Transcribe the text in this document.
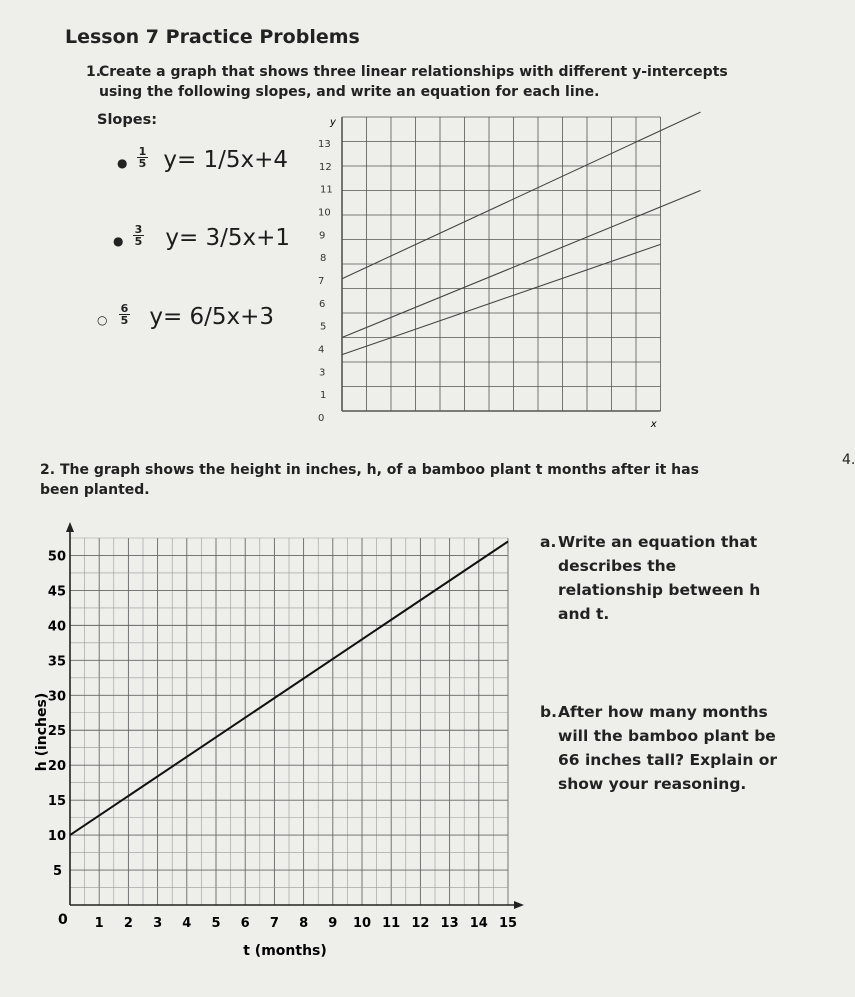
Lesson 7 Practice Problems
1.
Create a graph that shows three linear relationships with different y-intercepts using the following slopes, and write an equation for each line.
Slopes:
● $\frac{1}{5} y= 1/5x+4$
● $\frac{3}{5} y= 3/5x+1$
○ $\frac{6}{5} y= 6/5x+3$
y
x
13
12
11
10
9
8
7
6
5
4
3
1
0
2. The graph shows the height in inches, h, of a bamboo plant t months after it has been planted.
4.
1 2 3 4 5 6 7 8 9 10 11 12 13 14 15
5
10
15
20
25
30
35
40
45
50
t (months)
h (inches)
0
a. Write an equation that describes the relationship between h and t.
b. After how many months will the bamboo plant be 66 inches tall? Explain or show your reasoning.
